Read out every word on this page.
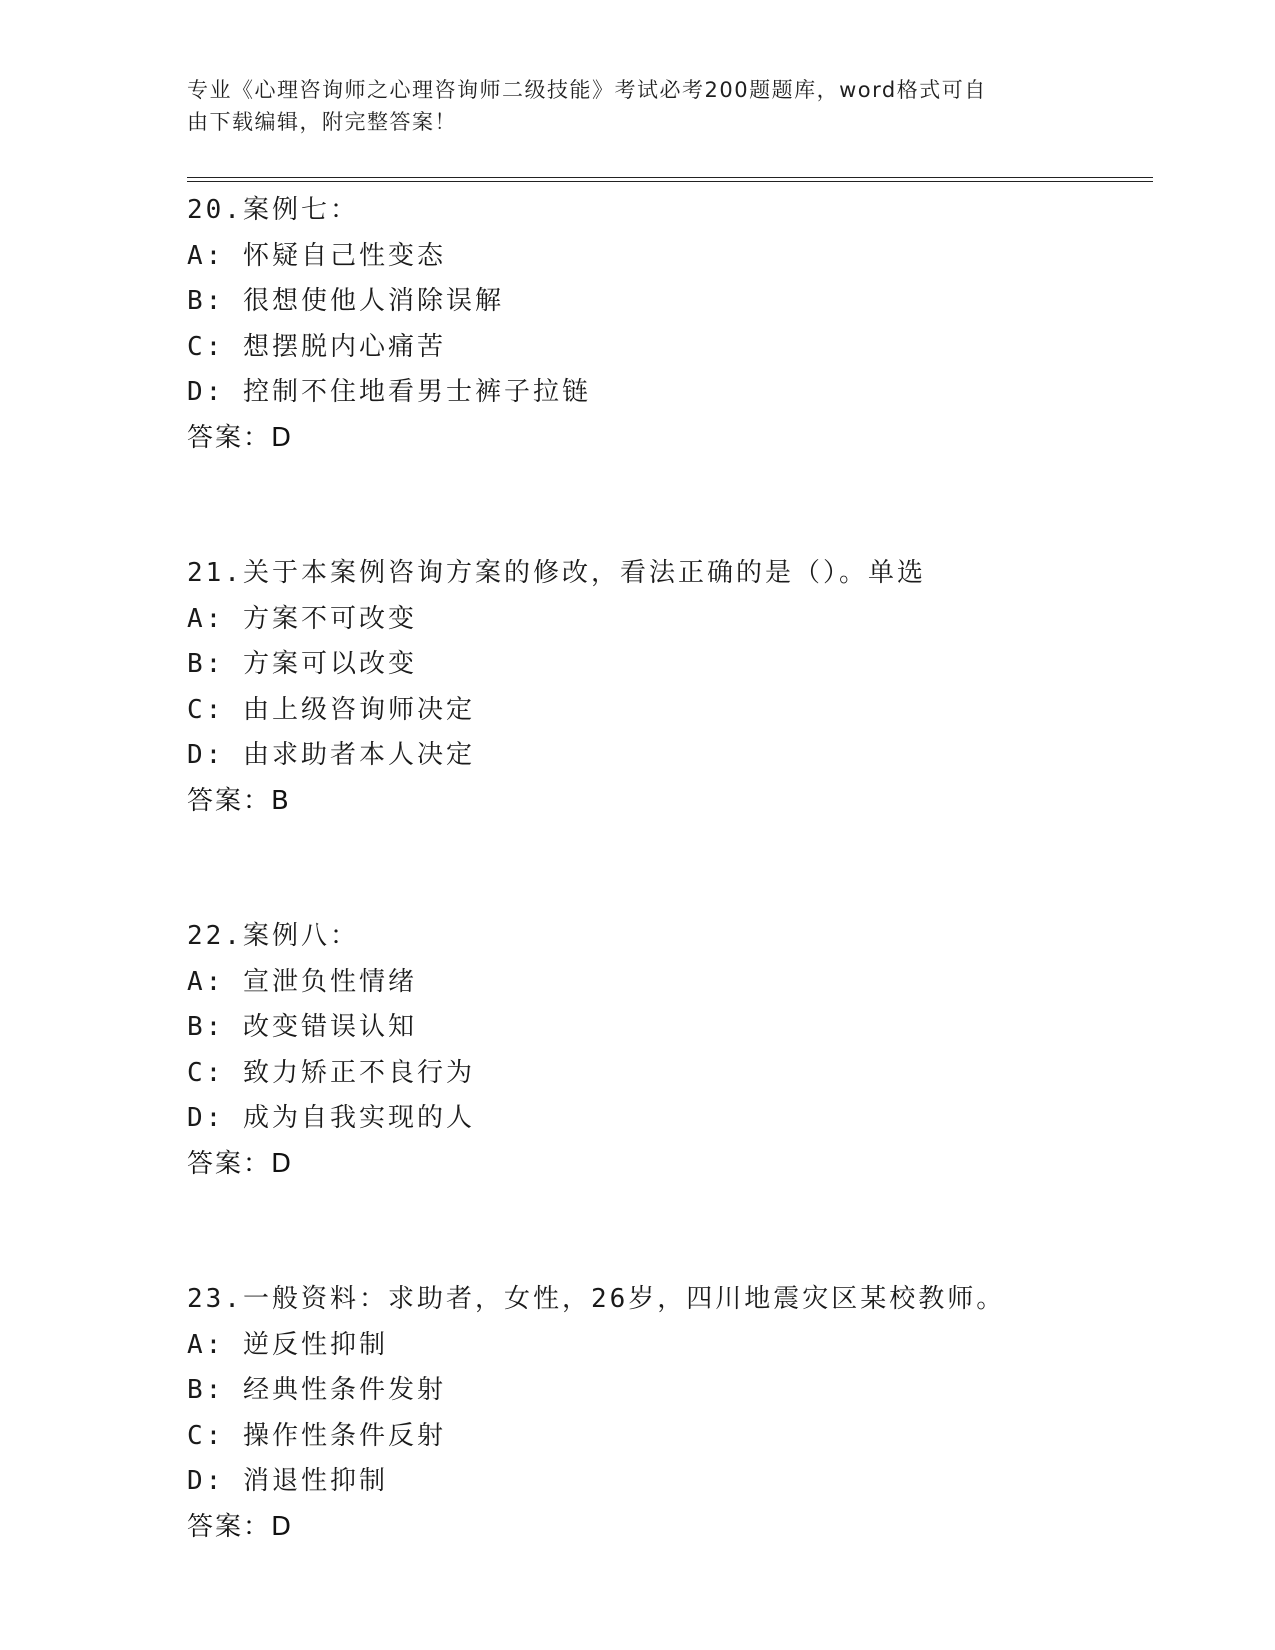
专业《心理咨询师之心理咨询师二级技能》考试必考200题题库，word格式可自
由下载编辑，附完整答案！
20.案例七：
A: 怀疑自己性变态
B: 很想使他人消除误解
C: 想摆脱内心痛苦
D: 控制不住地看男士裤子拉链
答案：D
21.关于本案例咨询方案的修改，看法正确的是（）。单选
A: 方案不可改变
B: 方案可以改变
C: 由上级咨询师决定
D: 由求助者本人决定
答案：B
22.案例八：
A: 宣泄负性情绪
B: 改变错误认知
C: 致力矫正不良行为
D: 成为自我实现的人
答案：D
23.一般资料：求助者，女性，26岁，四川地震灾区某校教师。
A: 逆反性抑制
B: 经典性条件发射
C: 操作性条件反射
D: 消退性抑制
答案：D
